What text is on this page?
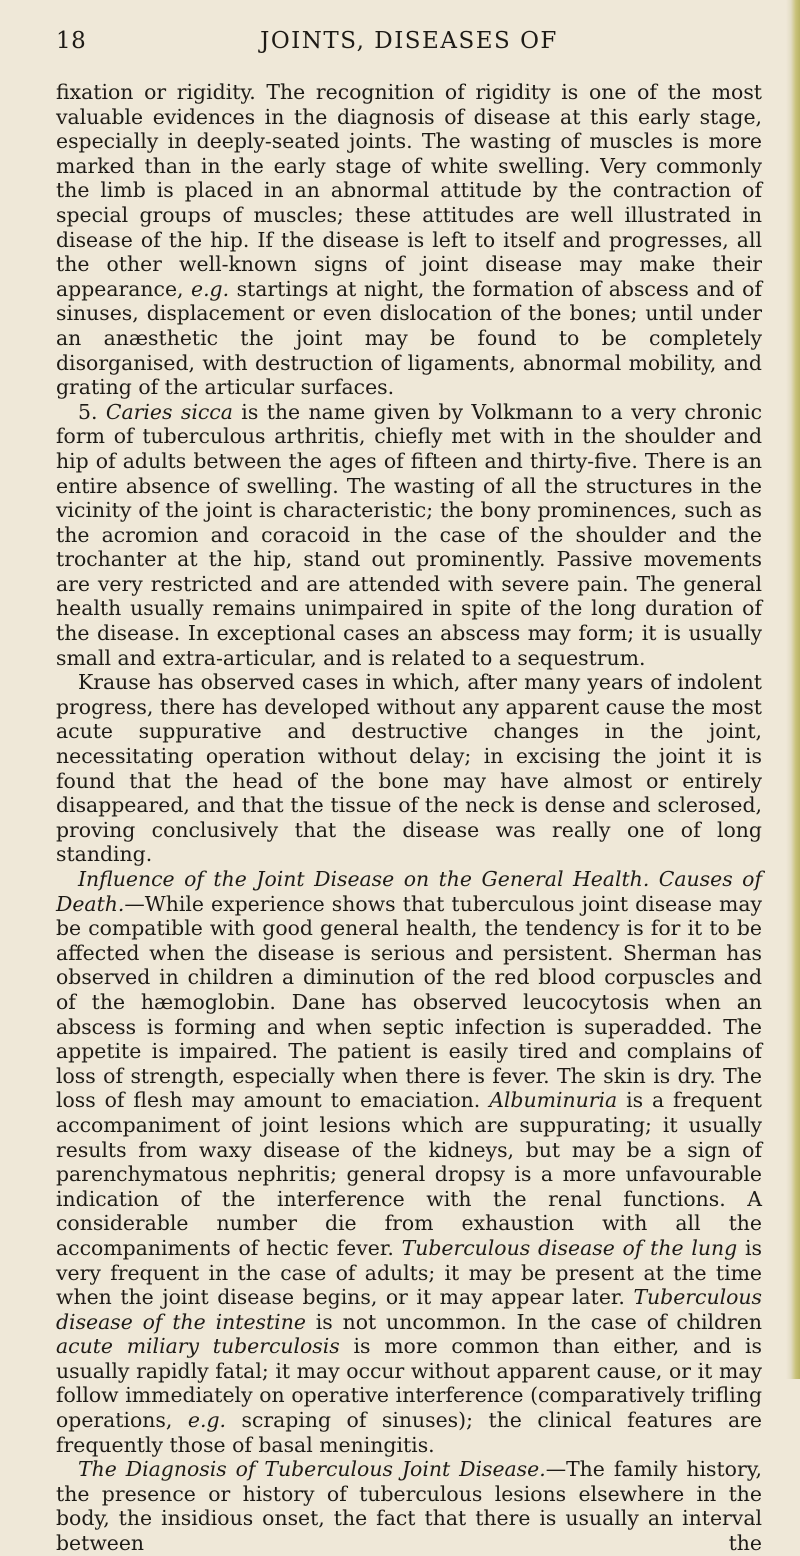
18	JOINTS, DISEASES OF

fixation or rigidity. The recognition of rigidity is one of the most valuable evidences in the diagnosis of disease at this early stage, especially in deeply-seated joints. The wasting of muscles is more marked than in the early stage of white swelling. Very commonly the limb is placed in an abnormal attitude by the contraction of special groups of muscles; these attitudes are well illustrated in disease of the hip. If the disease is left to itself and progresses, all the other well-known signs of joint disease may make their appearance, e.g. startings at night, the formation of abscess and of sinuses, displacement or even dislocation of the bones; until under an anæsthetic the joint may be found to be completely disorganised, with destruction of ligaments, abnormal mobility, and grating of the articular surfaces.

5. Caries sicca is the name given by Volkmann to a very chronic form of tuberculous arthritis, chiefly met with in the shoulder and hip of adults between the ages of fifteen and thirty-five. There is an entire absence of swelling. The wasting of all the structures in the vicinity of the joint is characteristic; the bony prominences, such as the acromion and coracoid in the case of the shoulder and the trochanter at the hip, stand out prominently. Passive movements are very restricted and are attended with severe pain. The general health usually remains unimpaired in spite of the long duration of the disease. In exceptional cases an abscess may form; it is usually small and extra-articular, and is related to a sequestrum.

Krause has observed cases in which, after many years of indolent progress, there has developed without any apparent cause the most acute suppurative and destructive changes in the joint, necessitating operation without delay; in excising the joint it is found that the head of the bone may have almost or entirely disappeared, and that the tissue of the neck is dense and sclerosed, proving conclusively that the disease was really one of long standing.

Influence of the Joint Disease on the General Health. Causes of Death.—While experience shows that tuberculous joint disease may be compatible with good general health, the tendency is for it to be affected when the disease is serious and persistent. Sherman has observed in children a diminution of the red blood corpuscles and of the hæmoglobin. Dane has observed leucocytosis when an abscess is forming and when septic infection is superadded. The appetite is impaired. The patient is easily tired and complains of loss of strength, especially when there is fever. The skin is dry. The loss of flesh may amount to emaciation. Albuminuria is a frequent accompaniment of joint lesions which are suppurating; it usually results from waxy disease of the kidneys, but may be a sign of parenchymatous nephritis; general dropsy is a more unfavourable indication of the interference with the renal functions. A considerable number die from exhaustion with all the accompaniments of hectic fever. Tuberculous disease of the lung is very frequent in the case of adults; it may be present at the time when the joint disease begins, or it may appear later. Tuberculous disease of the intestine is not uncommon. In the case of children acute miliary tuberculosis is more common than either, and is usually rapidly fatal; it may occur without apparent cause, or it may follow immediately on operative interference (comparatively trifling operations, e.g. scraping of sinuses); the clinical features are frequently those of basal meningitis.

The Diagnosis of Tuberculous Joint Disease.—The family history, the presence or history of tuberculous lesions elsewhere in the body, the insidious onset, the fact that there is usually an interval between the
